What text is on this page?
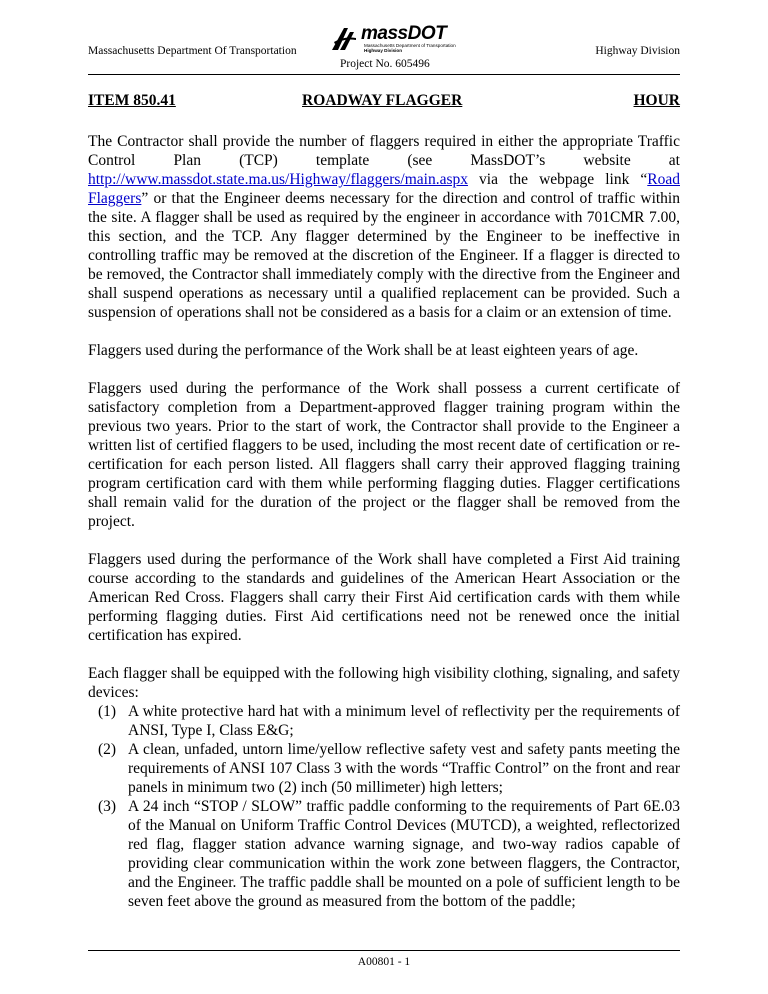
Massachusetts Department Of Transportation
massDOT
Massachusetts Department of Transportation
Highway Division	Highway Division
Project No. 605496
ITEM 850.41	ROADWAY FLAGGER	HOUR

The Contractor shall provide the number of flaggers required in either the appropriate Traffic Control Plan (TCP) template (see MassDOT’s website at http://www.massdot.state.ma.us/Highway/flaggers/main.aspx via the webpage link “Road Flaggers” or that the Engineer deems necessary for the direction and control of traffic within the site. A flagger shall be used as required by the engineer in accordance with 701CMR 7.00, this section, and the TCP. Any flagger determined by the Engineer to be ineffective in controlling traffic may be removed at the discretion of the Engineer. If a flagger is directed to be removed, the Contractor shall immediately comply with the directive from the Engineer and shall suspend operations as necessary until a qualified replacement can be provided. Such a suspension of operations shall not be considered as a basis for a claim or an extension of time.

Flaggers used during the performance of the Work shall be at least eighteen years of age.

Flaggers used during the performance of the Work shall possess a current certificate of satisfactory completion from a Department-approved flagger training program within the previous two years. Prior to the start of work, the Contractor shall provide to the Engineer a written list of certified flaggers to be used, including the most recent date of certification or re-certification for each person listed. All flaggers shall carry their approved flagging training program certification card with them while performing flagging duties. Flagger certifications shall remain valid for the duration of the project or the flagger shall be removed from the project.

Flaggers used during the performance of the Work shall have completed a First Aid training course according to the standards and guidelines of the American Heart Association or the American Red Cross. Flaggers shall carry their First Aid certification cards with them while performing flagging duties. First Aid certifications need not be renewed once the initial certification has expired.

Each flagger shall be equipped with the following high visibility clothing, signaling, and safety devices:

(1) A white protective hard hat with a minimum level of reflectivity per the requirements of ANSI, Type I, Class E&G;
(2) A clean, unfaded, untorn lime/yellow reflective safety vest and safety pants meeting the requirements of ANSI 107 Class 3 with the words “Traffic Control” on the front and rear panels in minimum two (2) inch (50 millimeter) high letters;
(3) A 24 inch “STOP / SLOW” traffic paddle conforming to the requirements of Part 6E.03 of the Manual on Uniform Traffic Control Devices (MUTCD), a weighted, reflectorized red flag, flagger station advance warning signage, and two-way radios capable of providing clear communication within the work zone between flaggers, the Contractor, and the Engineer. The traffic paddle shall be mounted on a pole of sufficient length to be seven feet above the ground as measured from the bottom of the paddle;
A00801 - 1
